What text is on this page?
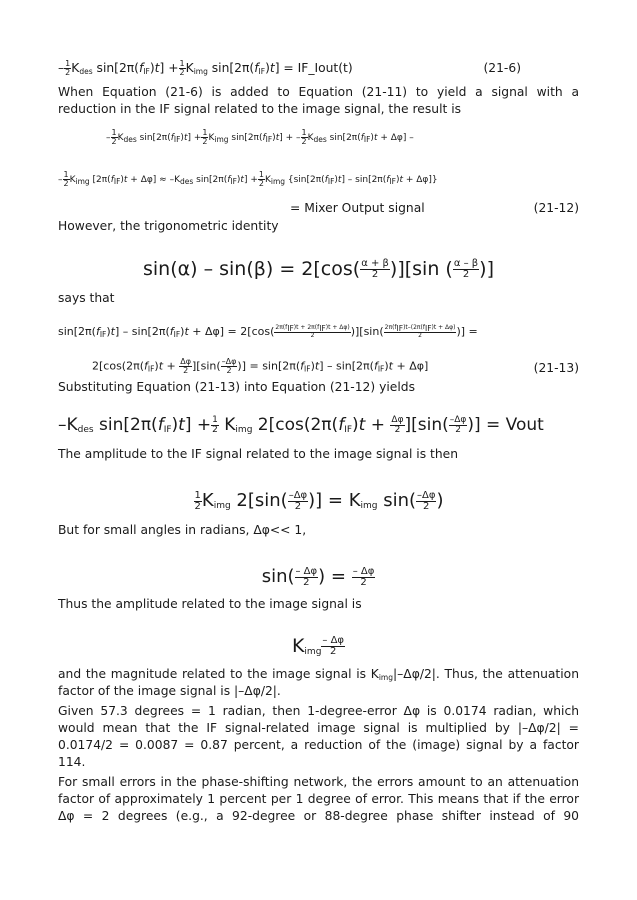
– $\frac{1}{2} K_{des}$ $\sin[2\pi(f_{IF})t] + \frac{1}{2} K_{img}$ $\sin[2\pi(f_{IF})t]$ = IF_Iout(t)	(21-6)
When Equation (21-6) is added to Equation (21-11) to yield a signal with a
reduction in the IF signal related to the image signal, the result is
– $\frac{1}{2} K_{des}$ $\sin[2\pi(f_{IF})t] + \frac{1}{2} K_{img}$ $\sin[2\pi(f_{IF})t]$ + – $\frac{1}{2} K_{des}$ $\sin[2\pi(f_{IF})t + \Delta\varphi]$ –
– $\frac{1}{2} K_{img}$ $[2\pi(f_{IF})t + \Delta\varphi] \approx -K_{des}$ $\sin[2\pi(f_{IF})t] + \frac{1}{2} K_{img}$ $\{\sin[2\pi(f_{IF})t] - \sin[2\pi(f_{IF})t + \Delta\varphi]\}$
= Mixer Output signal	(21-12)
However, the trigonometric identity
$\sin(\alpha) - \sin(\beta) = 2[\cos( \frac{\alpha + \beta}{2} )][\sin$ ( $\frac{\alpha - \beta}{2}$ )]
says that
$\sin[2\pi(f_{IF})t] - \sin[2\pi(f_{IF})t + \Delta\varphi] = 2[\cos$( $2\pi(f_{IF})t + 2\pi(f_{IF})t + \Delta\varphi$)
2	)][sin( $2\pi(f_{IF})t-(2\pi(f_{IF})t + \Delta\varphi)$
2	)] =
$2[\cos(2\pi(f_{IF})t + \frac{\Delta\varphi}{2} ][\sin( \frac{-\Delta\varphi}{2}$ )] = $\sin[2\pi(f_{IF})t] - \sin[2\pi(f_{IF})t + \Delta\varphi]$	(21-13)
Substituting Equation (21-13) into Equation (21-12) yields
$-K_{des}$ $\sin[2\pi(f_{IF})t] + \frac{1}{2} K_{img}$ $2[\cos(2\pi(f_{IF})t + \frac{\Delta\varphi}{2} ][\sin( \frac{-\Delta\varphi}{2}$ )] = Vout
The amplitude to the IF signal related to the image signal is then
$\frac{1}{2} K_{img}$ $2[\sin( \frac{-\Delta\varphi}{2}$ )] = $K_{img}$ $\sin( \frac{-\Delta\varphi}{2}$ )
But for small angles in radians, Δφ<< 1,
$\sin( \frac{- \Delta\varphi}{2}$ ) = $\frac{- \Delta\varphi}{2}$
Thus the amplitude related to the image signal is
$K_{img} \frac{- \Delta\varphi}{2}$
and the magnitude related to the image signal is $K_{img}|-\Delta\varphi/2|$. Thus, the attenuation
factor of the image signal is |–Δφ/2|.
Given 57.3 degrees = 1 radian, then 1-degree-error Δφ is 0.0174 radian, which
would mean that the IF signal-related image signal is multiplied by |–Δφ/2| =
0.0174/2 = 0.0087 = 0.87 percent, a reduction of the (image) signal by a factor
114.
For small errors in the phase-shifting network, the errors amount to an attenuation
factor of approximately 1 percent per 1 degree of error. This means that if the error
Δφ = 2 degrees (e.g., a 92-degree or 88-degree phase shifter instead of 90
